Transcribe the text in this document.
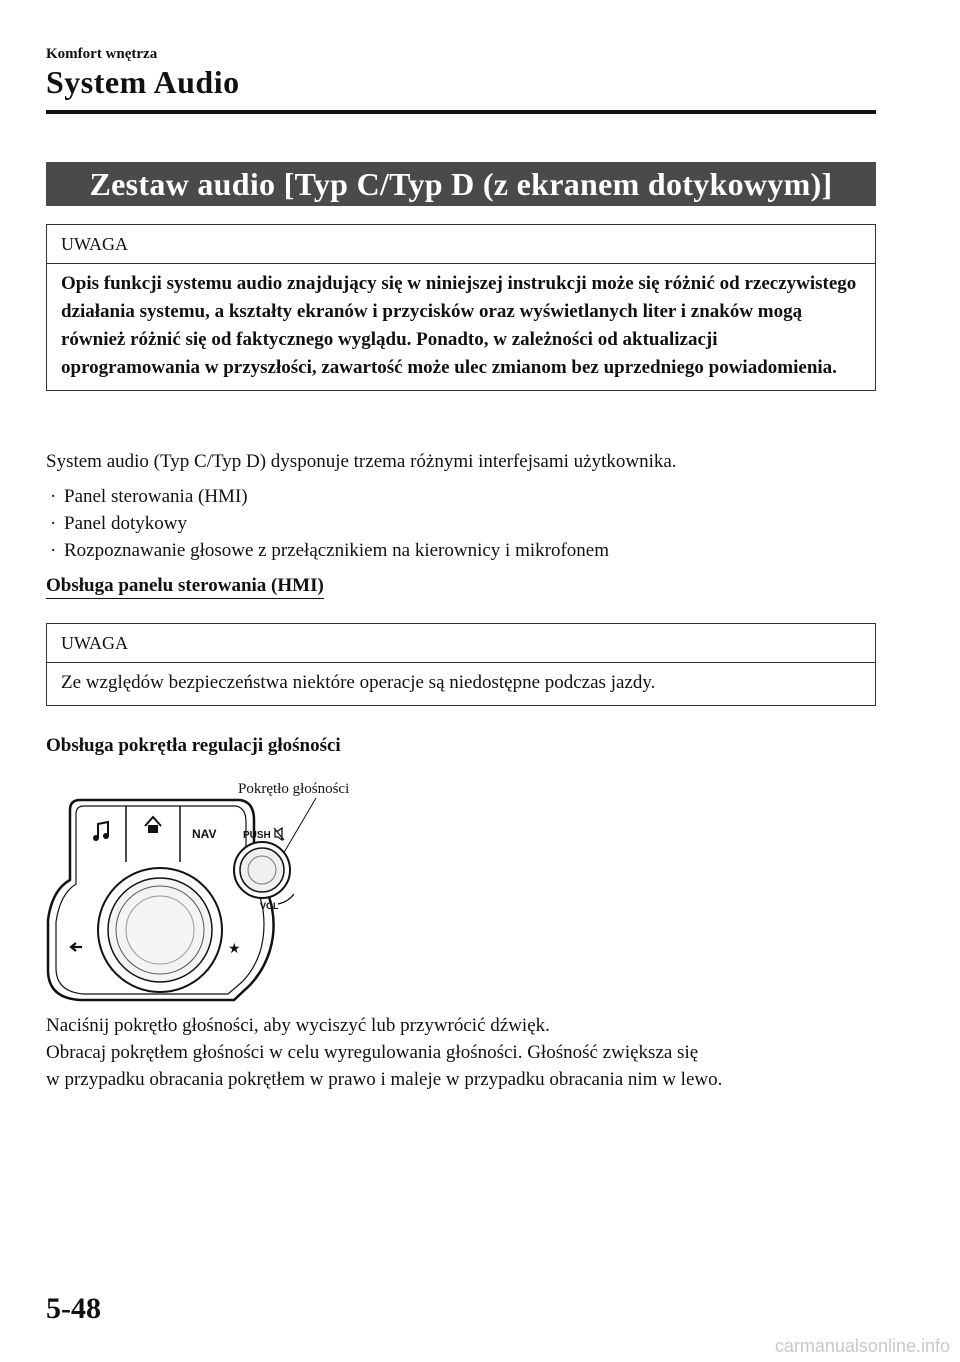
Komfort wnętrza
System Audio
Zestaw audio [Typ C/Typ D (z ekranem dotykowym)]
UWAGA
Opis funkcji systemu audio znajdujący się w niniejszej instrukcji może się różnić od rzeczywistego działania systemu, a kształty ekranów i przycisków oraz wyświetlanych liter i znaków mogą również różnić się od faktycznego wyglądu. Ponadto, w zależności od aktualizacji oprogramowania w przyszłości, zawartość może ulec zmianom bez uprzedniego powiadomienia.
System audio (Typ C/Typ D) dysponuje trzema różnymi interfejsami użytkownika.
· Panel sterowania (HMI)
· Panel dotykowy
· Rozpoznawanie głosowe z przełącznikiem na kierownicy i mikrofonem
Obsługa panelu sterowania (HMI)
UWAGA
Ze względów bezpieczeństwa niektóre operacje są niedostępne podczas jazdy.
Obsługa pokrętła regulacji głośności
Pokrętło głośności
NAV
★
PUSH
VOL
Naciśnij pokrętło głośności, aby wyciszyć lub przywrócić dźwięk.
Obracaj pokrętłem głośności w celu wyregulowania głośności. Głośność zwiększa się
w przypadku obracania pokrętłem w prawo i maleje w przypadku obracania nim w lewo.
5-48
carmanualsonline.info
